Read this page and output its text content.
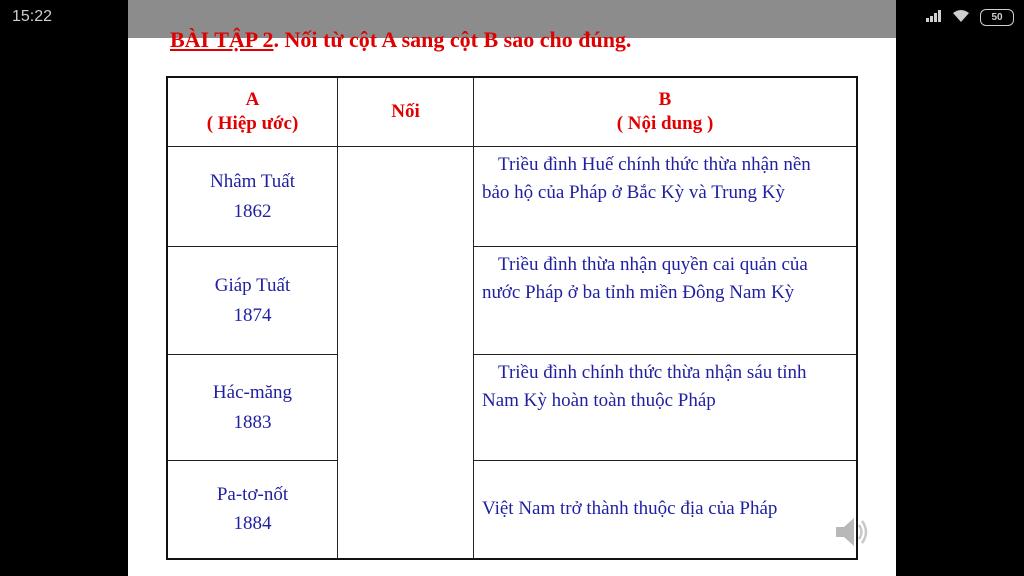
15:22	50
BÀI TẬP 2. Nối từ cột A sang cột B sao cho đúng.
A
( Hiệp ước)	Nối	B
( Nội dung )

Nhâm Tuất
1862		Triều đình Huế chính thức thừa nhận nền
bảo hộ của Pháp ở Bắc Kỳ và Trung Kỳ

Giáp Tuất
1874		Triều đình thừa nhận quyền cai quản của
nước Pháp ở ba tỉnh miền Đông Nam Kỳ

Hác-măng
1883		Triều đình chính thức thừa nhận sáu tỉnh
Nam Kỳ hoàn toàn thuộc Pháp

Pa-tơ-nốt
1884		Việt Nam trở thành thuộc địa của Pháp
